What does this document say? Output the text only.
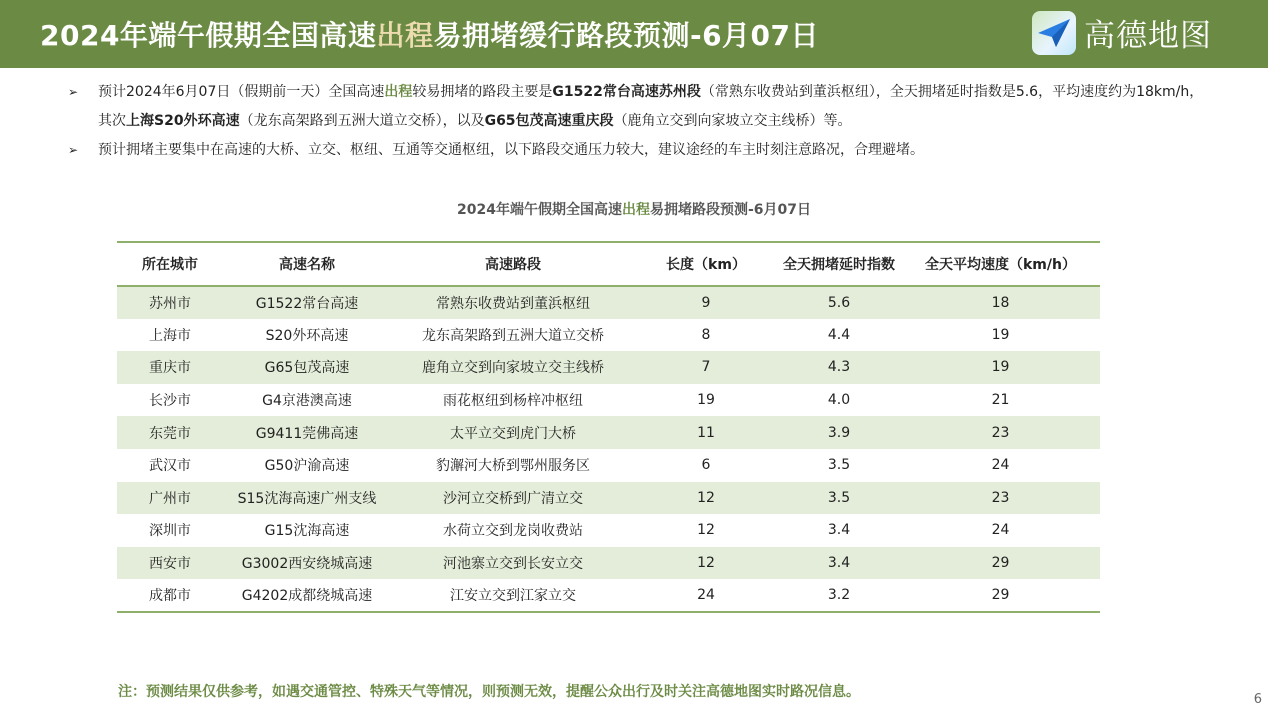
2024年端午假期全国高速出程易拥堵缓行路段预测-6月07日	高德地图
➢	预计2024年6月07日（假期前一天）全国高速出程较易拥堵的路段主要是G1522常台高速苏州段（常熟东收费站到董浜枢纽），全天拥堵延时指数是5.6，平均速度约为18km/h，其次上海S20外环高速（龙东高架路到五洲大道立交桥），以及G65包茂高速重庆段（鹿角立交到向家坡立交主线桥）等。
➢	预计拥堵主要集中在高速的大桥、立交、枢纽、互通等交通枢纽，以下路段交通压力较大，建议途经的车主时刻注意路况，合理避堵。
2024年端午假期全国高速出程易拥堵路段预测-6月07日
所在城市	高速名称	高速路段	长度（km）	全天拥堵延时指数	全天平均速度（km/h）
苏州市	G1522常台高速	常熟东收费站到董浜枢纽	9	5.6	18
上海市	S20外环高速	龙东高架路到五洲大道立交桥	8	4.4	19
重庆市	G65包茂高速	鹿角立交到向家坡立交主线桥	7	4.3	19
长沙市	G4京港澳高速	雨花枢纽到杨梓冲枢纽	19	4.0	21
东莞市	G9411莞佛高速	太平立交到虎门大桥	11	3.9	23
武汉市	G50沪渝高速	豹澥河大桥到鄂州服务区	6	3.5	24
广州市	S15沈海高速广州支线	沙河立交桥到广清立交	12	3.5	23
深圳市	G15沈海高速	水荷立交到龙岗收费站	12	3.4	24
西安市	G3002西安绕城高速	河池寨立交到长安立交	12	3.4	29
成都市	G4202成都绕城高速	江安立交到江家立交	24	3.2	29
注：预测结果仅供参考，如遇交通管控、特殊天气等情况，则预测无效，提醒公众出行及时关注高德地图实时路况信息。	6
